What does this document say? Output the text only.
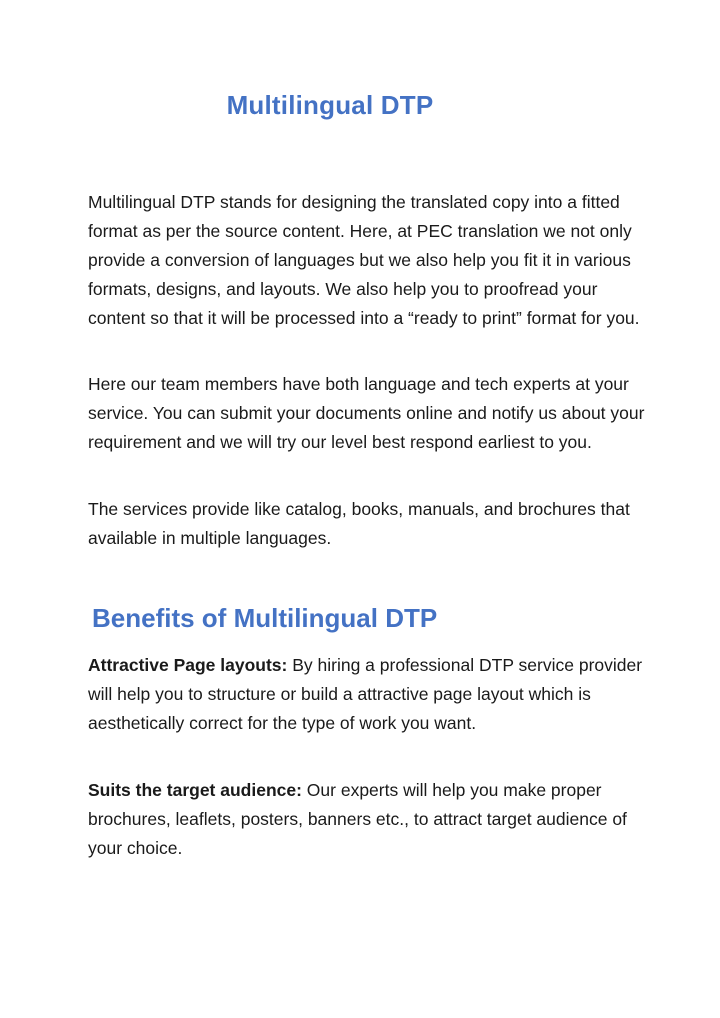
Multilingual DTP

Multilingual DTP stands for designing the translated copy into a fitted format as per the source content. Here, at PEC translation we not only provide a conversion of languages but we also help you fit it in various formats, designs, and layouts. We also help you to proofread your content so that it will be processed into a “ready to print” format for you.

Here our team members have both language and tech experts at your service. You can submit your documents online and notify us about your requirement and we will try our level best respond earliest to you.

The services provide like catalog, books, manuals, and brochures that available in multiple languages.

Benefits of Multilingual DTP

Attractive Page layouts: By hiring a professional DTP service provider will help you to structure or build a attractive page layout which is aesthetically correct for the type of work you want.

Suits the target audience: Our experts will help you make proper brochures, leaflets, posters, banners etc., to attract target audience of your choice.
